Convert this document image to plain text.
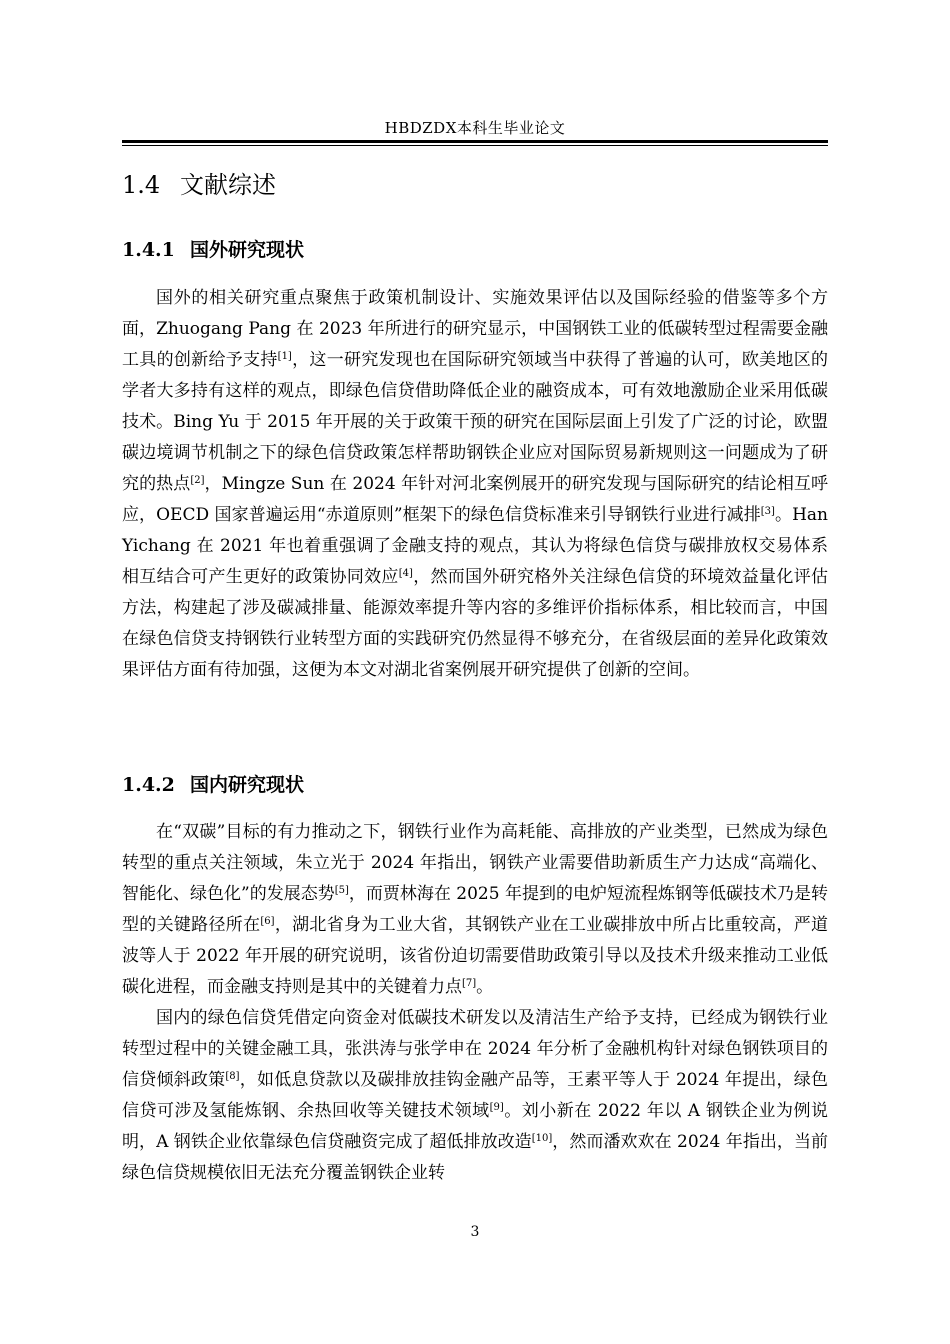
HBDZDX本科生毕业论文
1.4 文献综述
1.4.1 国外研究现状

国外的相关研究重点聚焦于政策机制设计、实施效果评估以及国际经验的借鉴等多个方面，Zhuogang Pang 在 2023 年所进行的研究显示，中国钢铁工业的低碳转型过程需要金融工具的创新给予支持[1]，这一研究发现也在国际研究领域当中获得了普遍的认可，欧美地区的学者大多持有这样的观点，即绿色信贷借助降低企业的融资成本，可有效地激励企业采用低碳技术。Bing Yu 于 2015 年开展的关于政策干预的研究在国际层面上引发了广泛的讨论，欧盟碳边境调节机制之下的绿色信贷政策怎样帮助钢铁企业应对国际贸易新规则这一问题成为了研究的热点[2]，Mingze Sun 在 2024 年针对河北案例展开的研究发现与国际研究的结论相互呼应，OECD 国家普遍运用“赤道原则”框架下的绿色信贷标准来引导钢铁行业进行减排[3]。Han Yichang 在 2021 年也着重强调了金融支持的观点，其认为将绿色信贷与碳排放权交易体系相互结合可产生更好的政策协同效应[4]，然而国外研究格外关注绿色信贷的环境效益量化评估方法，构建起了涉及碳减排量、能源效率提升等内容的多维评价指标体系，相比较而言，中国在绿色信贷支持钢铁行业转型方面的实践研究仍然显得不够充分，在省级层面的差异化政策效果评估方面有待加强，这便为本文对湖北省案例展开研究提供了创新的空间。

1.4.2 国内研究现状

在“双碳”目标的有力推动之下，钢铁行业作为高耗能、高排放的产业类型，已然成为绿色转型的重点关注领域，朱立光于 2024 年指出，钢铁产业需要借助新质生产力达成“高端化、智能化、绿色化”的发展态势[5]，而贾林海在 2025 年提到的电炉短流程炼钢等低碳技术乃是转型的关键路径所在[6]，湖北省身为工业大省，其钢铁产业在工业碳排放中所占比重较高，严道波等人于 2022 年开展的研究说明，该省份迫切需要借助政策引导以及技术升级来推动工业低碳化进程，而金融支持则是其中的关键着力点[7]。

国内的绿色信贷凭借定向资金对低碳技术研发以及清洁生产给予支持，已经成为钢铁行业转型过程中的关键金融工具，张洪涛与张学申在 2024 年分析了金融机构针对绿色钢铁项目的信贷倾斜政策[8]，如低息贷款以及碳排放挂钩金融产品等，王素平等人于 2024 年提出，绿色信贷可涉及氢能炼钢、余热回收等关键技术领域[9]。刘小新在 2022 年以 A 钢铁企业为例说明，A 钢铁企业依靠绿色信贷融资完成了超低排放改造[10]，然而潘欢欢在 2024 年指出，当前绿色信贷规模依旧无法充分覆盖钢铁企业转

3
